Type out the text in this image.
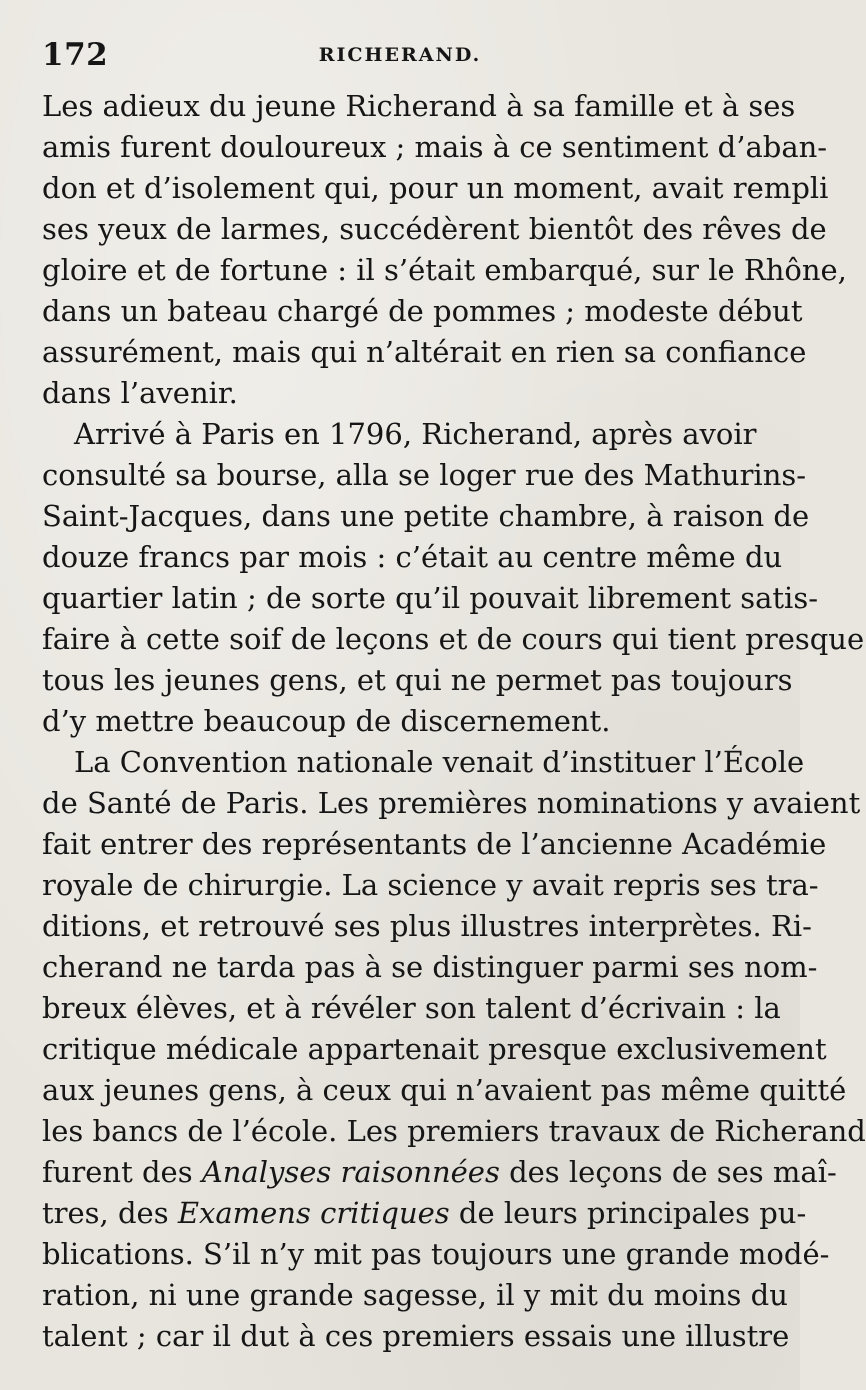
172	RICHERAND.

Les adieux du jeune Richerand à sa famille et à ses
amis furent douloureux ; mais à ce sentiment d’aban-
don et d’isolement qui, pour un moment, avait rempli
ses yeux de larmes, succédèrent bientôt des rêves de
gloire et de fortune : il s’était embarqué, sur le Rhône,
dans un bateau chargé de pommes ; modeste début
assurément, mais qui n’altérait en rien sa confiance
dans l’avenir.

Arrivé à Paris en 1796, Richerand, après avoir
consulté sa bourse, alla se loger rue des Mathurins-
Saint-Jacques, dans une petite chambre, à raison de
douze francs par mois : c’était au centre même du
quartier latin ; de sorte qu’il pouvait librement satis-
faire à cette soif de leçons et de cours qui tient presque
tous les jeunes gens, et qui ne permet pas toujours
d’y mettre beaucoup de discernement.

La Convention nationale venait d’instituer l’École
de Santé de Paris. Les premières nominations y avaient
fait entrer des représentants de l’ancienne Académie
royale de chirurgie. La science y avait repris ses tra-
ditions, et retrouvé ses plus illustres interprètes. Ri-
cherand ne tarda pas à se distinguer parmi ses nom-
breux élèves, et à révéler son talent d’écrivain : la
critique médicale appartenait presque exclusivement
aux jeunes gens, à ceux qui n’avaient pas même quitté
les bancs de l’école. Les premiers travaux de Richerand
furent des Analyses raisonnées des leçons de ses maî-
tres, des Examens critiques de leurs principales pu-
blications. S’il n’y mit pas toujours une grande modé-
ration, ni une grande sagesse, il y mit du moins du
talent ; car il dut à ces premiers essais une illustre
